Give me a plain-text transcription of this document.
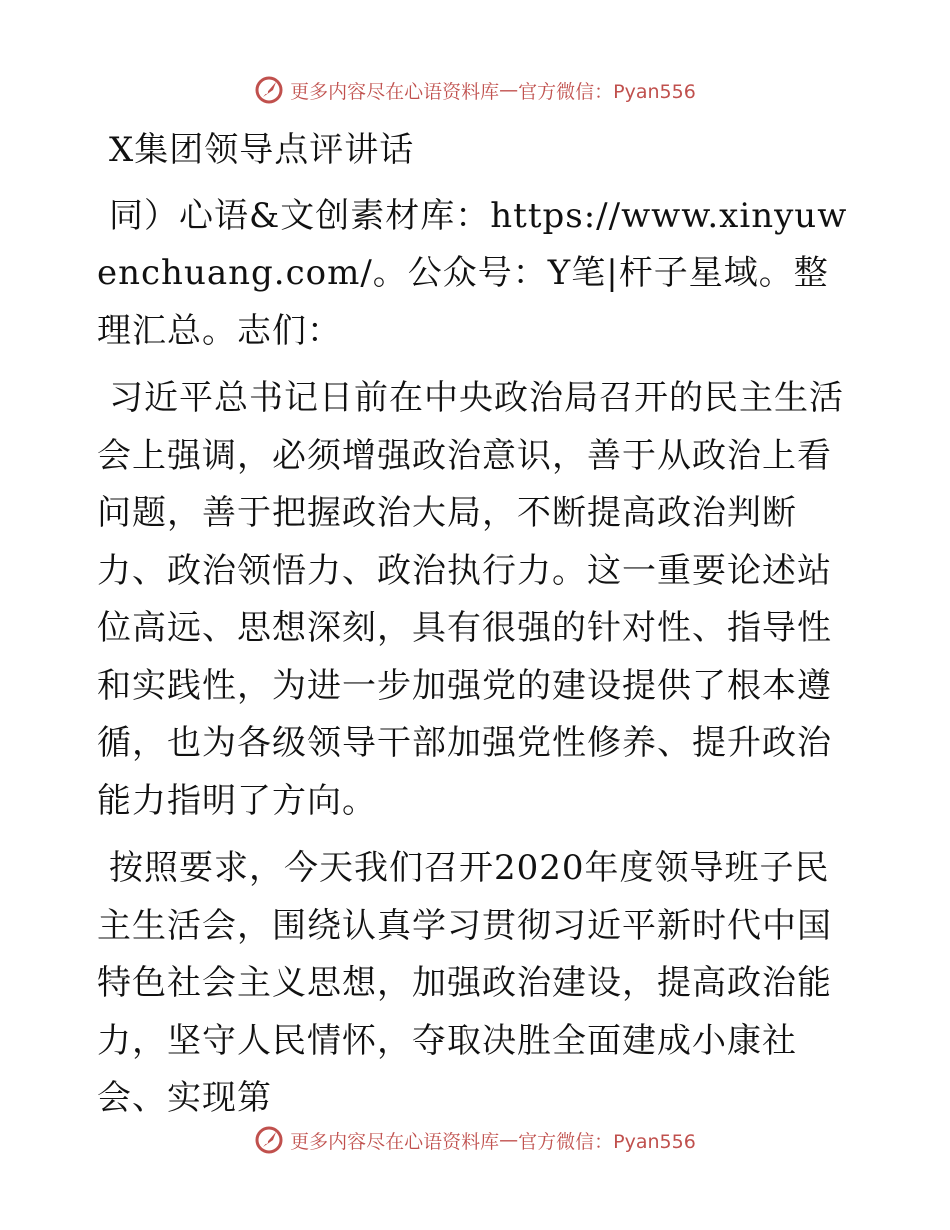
更多内容尽在心语资料库 — 官方微信：Pyan556
X集团领导点评讲话

同）心语&文创素材库：https://www.xinyuwenchuang.com/。公众号：Y笔|杆子星域。整理汇总。志们：

习近平总书记日前在中央政治局召开的民主生活会上强调，必须增强政治意识，善于从政治上看问题，善于把握政治大局，不断提高政治判断力、政治领悟力、政治执行力。这一重要论述站位高远、思想深刻，具有很强的针对性、指导性和实践性，为进一步加强党的建设提供了根本遵循，也为各级领导干部加强党性修养、提升政治能力指明了方向。

按照要求，今天我们召开2020年度领导班子民主生活会，围绕认真学习贯彻习近平新时代中国特色社会主义思想，加强政治建设，提高政治能力，坚守人民情怀，夺取决胜全面建成小康社会、实现第

更多内容尽在心语资料库 — 官方微信：Pyan556
